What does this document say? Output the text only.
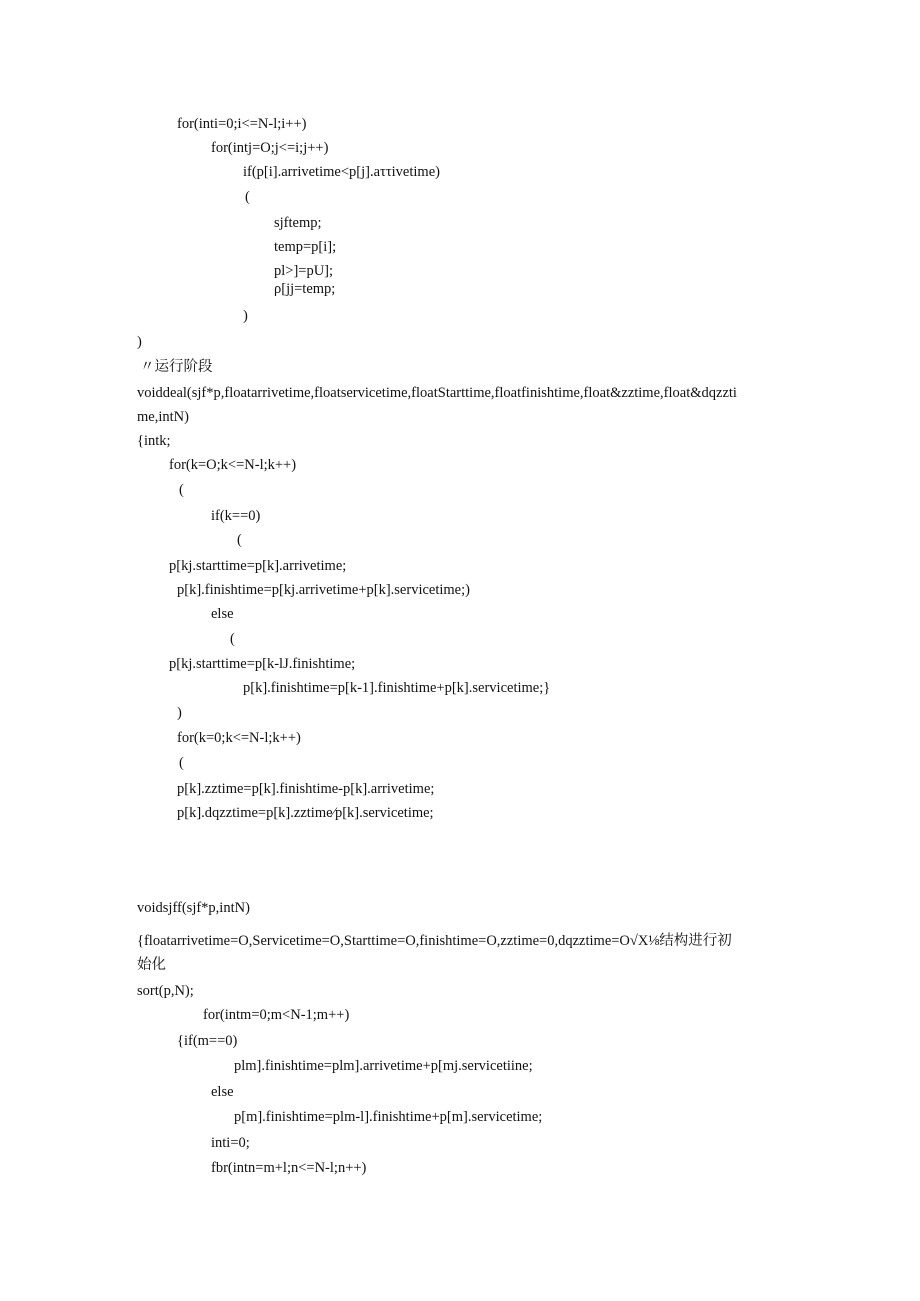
for(inti=0;i<=N-l;i++)
for(intj=O;j<=i;j++)
if(p[i].arrivetime<p[j].aττivetime)
(
sjftemp;
temp=p[i];
pl>]=pU];
ρ[jj=temp;
)
)
〃运行阶段
voiddeal(sjf*p,floatarrivetime,floatservicetime,floatStarttime,floatfinishtime,float&zztime,float&dqzzti
me,intN)
{intk;
for(k=O;k<=N-l;k++)
(
if(k==0)
(
p[kj.starttime=p[k].arrivetime;
p[k].finishtime=p[kj.arrivetime+p[k].servicetime;)
else
(
p[kj.starttime=p[k-lJ.finishtime;
p[k].finishtime=p[k-1].finishtime+p[k].servicetime;}
)
for(k=0;k<=N-l;k++)
(
p[k].zztime=p[k].finishtime-p[k].arrivetime;
p[k].dqzztime=p[k].zztime∕p[k].servicetime;
voidsjff(sjf*p,intN)
{floatarrivetime=O,Servicetime=O,Starttime=O,finishtime=O,zztime=0,dqzztime=O√X⅛结构进行初
始化
sort(p,N);
for(intm=0;m<N-1;m++)
{if(m==0)
plm].finishtime=plm].arrivetime+p[mj.servicetiine;
else
p[m].finishtime=plm-l].finishtime+p[m].servicetime;
inti=0;
fbr(intn=m+l;n<=N-l;n++)
